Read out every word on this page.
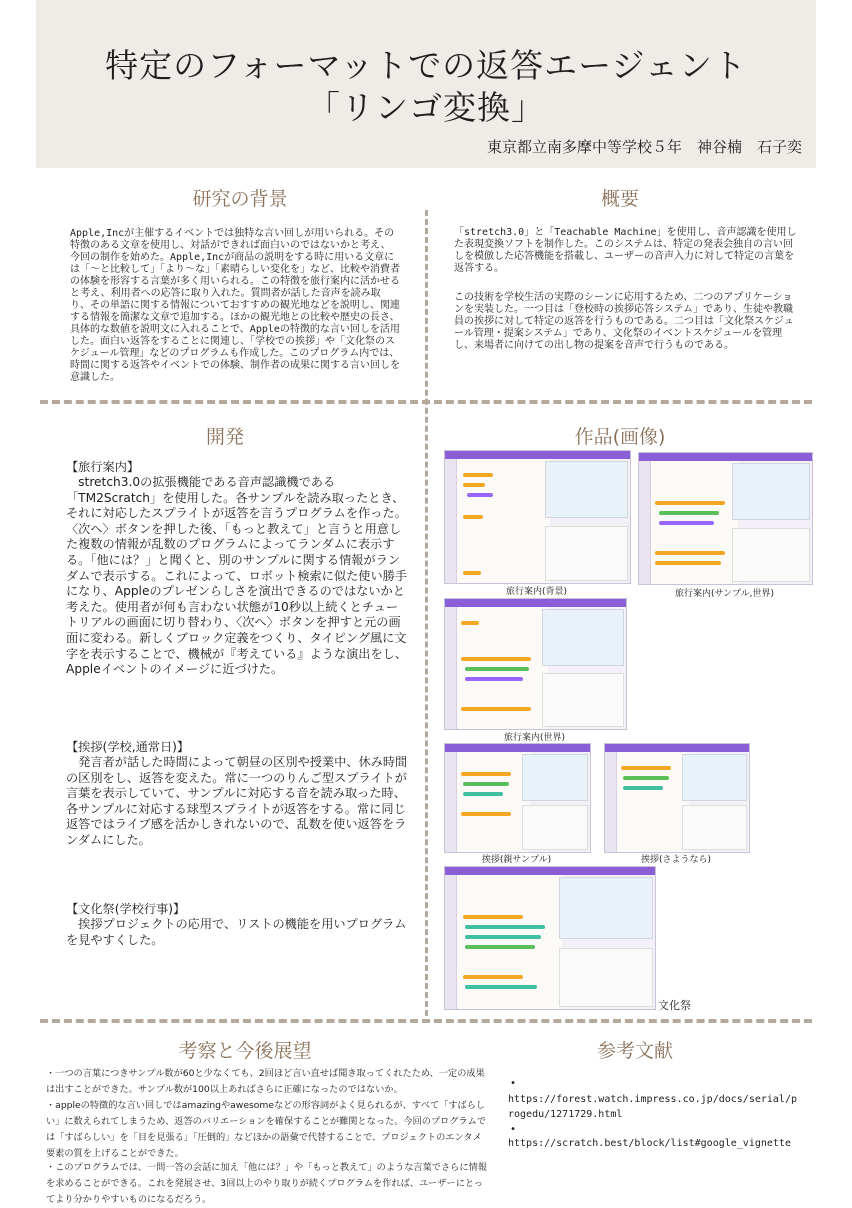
特定のフォーマットでの返答エージェント
「リンゴ変換」
東京都立南多摩中等学校５年　神谷楠　石子奕
研究の背景
Apple,Incが主催するイベントでは独特な言い回しが用いられる。その特徴のある文章を使用し、対話ができれば面白いのではないかと考え、今回の制作を始めた。Apple,Incが商品の説明をする時に用いる文章には「〜と比較して」「より〜な」「素晴らしい変化を」など、比較や消費者の体験を形容する言葉が多く用いられる。この特徴を旅行案内に活かせると考え、利用者への応答に取り入れた。質問者が話した音声を読み取り、その単語に関する情報についておすすめの観光地などを説明し、関連する情報を簡潔な文章で追加する。ほかの観光地との比較や歴史の長さ、具体的な数値を説明文に入れることで、Appleの特徴的な言い回しを活用した。面白い返答をすることに関連し、「学校での挨拶」や「文化祭のスケジュール管理」などのプログラムも作成した。このプログラム内では、時間に関する返答やイベントでの体験、制作者の成果に関する言い回しを意識した。
概要
「stretch3.0」と「Teachable Machine」を使用し、音声認識を使用した表現変換ソフトを制作した。このシステムは、特定の発表会独自の言い回しを模倣した応答機能を搭載し、ユーザーの音声入力に対して特定の言葉を返答する。
この技術を学校生活の実際のシーンに応用するため、二つのアプリケーションを実装した。一つ目は「登校時の挨拶応答システム」であり、生徒や教職員の挨拶に対して特定の返答を行うものである。二つ目は「文化祭スケジュール管理・提案システム」であり、文化祭のイベントスケジュールを管理し、来場者に向けての出し物の提案を音声で行うものである。
開発
【旅行案内】
　stretch3.0の拡張機能である音声認識機である「TM2Scratch」を使用した。各サンプルを読み取ったとき、それに対応したスプライトが返答を言うプログラムを作った。〈次へ〉ボタンを押した後、「もっと教えて」と言うと用意した複数の情報が乱数のプログラムによってランダムに表示する。「他には？」と聞くと、別のサンプルに関する情報がランダムで表示する。これによって、ロボット検索に似た使い勝手になり、Appleのプレゼンらしさを演出できるのではないかと考えた。使用者が何も言わない状態が10秒以上続くとチュートリアルの画面に切り替わり、〈次へ〉ボタンを押すと元の画面に変わる。新しくブロック定義をつくり、タイピング風に文字を表示することで、機械が『考えている』ような演出をし、Appleイベントのイメージに近づけた。
【挨拶(学校,通常日)】
　発言者が話した時間によって朝昼の区別や授業中、休み時間の区別をし、返答を変えた。常に一つのりんご型スプライトが言葉を表示していて、サンプルに対応する音を読み取った時、各サンプルに対応する球型スプライトが返答をする。常に同じ返答ではライブ感を活かしきれないので、乱数を使い返答をランダムにした。
【文化祭(学校行事)】
　挨拶プロジェクトの応用で、リストの機能を用いプログラムを見やすくした。
作品(画像)
旅行案内(背景)	旅行案内(サンプル,世界)
旅行案内(世界)
挨拶(親サンプル)	挨拶(さようなら)
文化祭
考察と今後展望
・一つの言葉につきサンプル数が60と少なくても、2回ほど言い直せば聞き取ってくれたため、一定の成果は出すことができた。サンプル数が100以上あればさらに正確になったのではないか。
・appleの特徴的な言い回しではamazingやawesomeなどの形容詞がよく見られるが、すべて「すばらしい」に数えられてしまうため、返答のバリエーションを確保することが難関となった。今回のプログラムでは「すばらしい」を「目を見張る」「圧倒的」などほかの語彙で代替することで、プロジェクトのエンタメ要素の質を上げることができた。
・このプログラムでは、一問一答の会話に加え「他には？」や「もっと教えて」のような言葉でさらに情報を求めることができる。これを発展させ、3回以上のやり取りが続くプログラムを作れば、ユーザーにとってより分かりやすいものになるだろう。
参考文献
•
https://forest.watch.impress.co.jp/docs/serial/progedu/1271729.html
•
https://scratch.best/block/list#google_vignette
